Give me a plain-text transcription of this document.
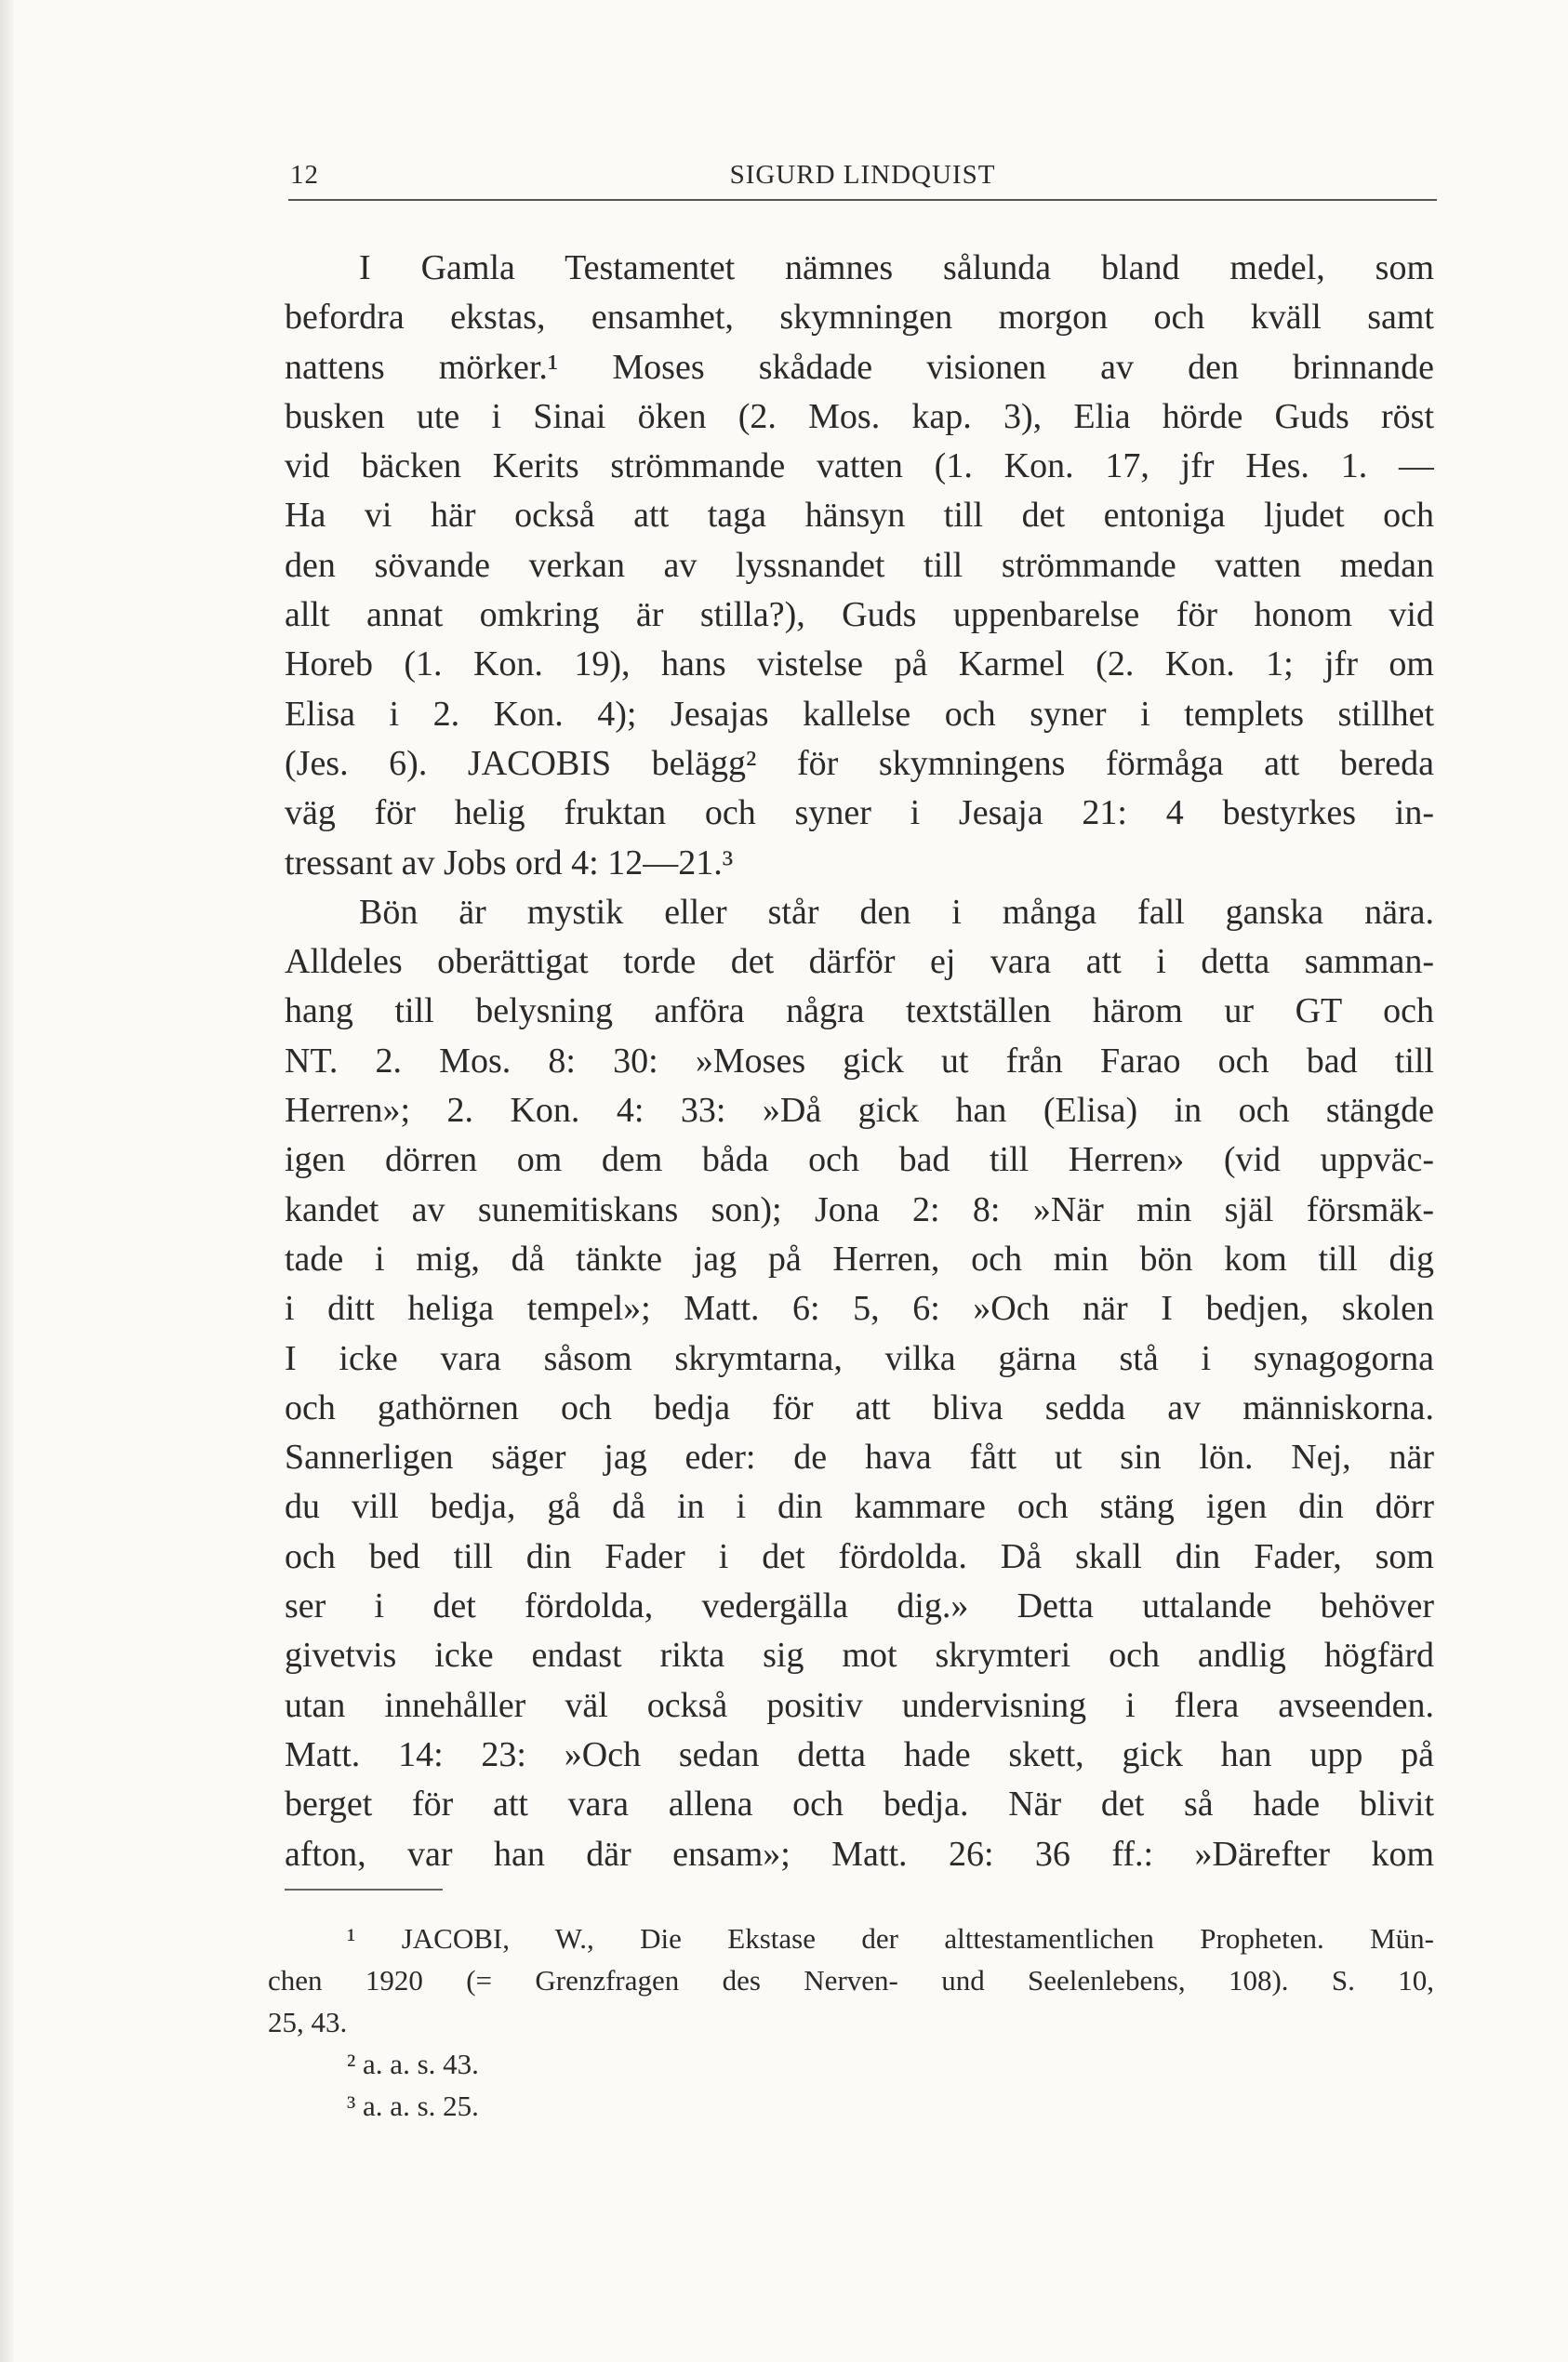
12	SIGURD LINDQUIST
I Gamla Testamentet nämnes sålunda bland medel, som
befordra ekstas, ensamhet, skymningen morgon och kväll samt
nattens mörker.¹ Moses skådade visionen av den brinnande
busken ute i Sinai öken (2. Mos. kap. 3), Elia hörde Guds röst
vid bäcken Kerits strömmande vatten (1. Kon. 17, jfr Hes. 1. —
Ha vi här också att taga hänsyn till det entoniga ljudet och
den sövande verkan av lyssnandet till strömmande vatten medan
allt annat omkring är stilla?), Guds uppenbarelse för honom vid
Horeb (1. Kon. 19), hans vistelse på Karmel (2. Kon. 1; jfr om
Elisa i 2. Kon. 4); Jesajas kallelse och syner i templets stillhet
(Jes. 6). JACOBIS belägg² för skymningens förmåga att bereda
väg för helig fruktan och syner i Jesaja 21: 4 bestyrkes in-
tressant av Jobs ord 4: 12—21.³
Bön är mystik eller står den i många fall ganska nära.
Alldeles oberättigat torde det därför ej vara att i detta samman-
hang till belysning anföra några textställen härom ur GT och
NT. 2. Mos. 8: 30: »Moses gick ut från Farao och bad till
Herren»; 2. Kon. 4: 33: »Då gick han (Elisa) in och stängde
igen dörren om dem båda och bad till Herren» (vid uppväc-
kandet av sunemitiskans son); Jona 2: 8: »När min själ försmäk-
tade i mig, då tänkte jag på Herren, och min bön kom till dig
i ditt heliga tempel»; Matt. 6: 5, 6: »Och när I bedjen, skolen
I icke vara såsom skrymtarna, vilka gärna stå i synagogorna
och gathörnen och bedja för att bliva sedda av människorna.
Sannerligen säger jag eder: de hava fått ut sin lön. Nej, när
du vill bedja, gå då in i din kammare och stäng igen din dörr
och bed till din Fader i det fördolda. Då skall din Fader, som
ser i det fördolda, vedergälla dig.» Detta uttalande behöver
givetvis icke endast rikta sig mot skrymteri och andlig högfärd
utan innehåller väl också positiv undervisning i flera avseenden.
Matt. 14: 23: »Och sedan detta hade skett, gick han upp på
berget för att vara allena och bedja. När det så hade blivit
afton, var han där ensam»; Matt. 26: 36 ff.: »Därefter kom
¹ JACOBI, W., Die Ekstase der alttestamentlichen Propheten. Mün-
chen 1920 (= Grenzfragen des Nerven- und Seelenlebens, 108). S. 10,
25, 43.
² a. a. s. 43.
³ a. a. s. 25.
